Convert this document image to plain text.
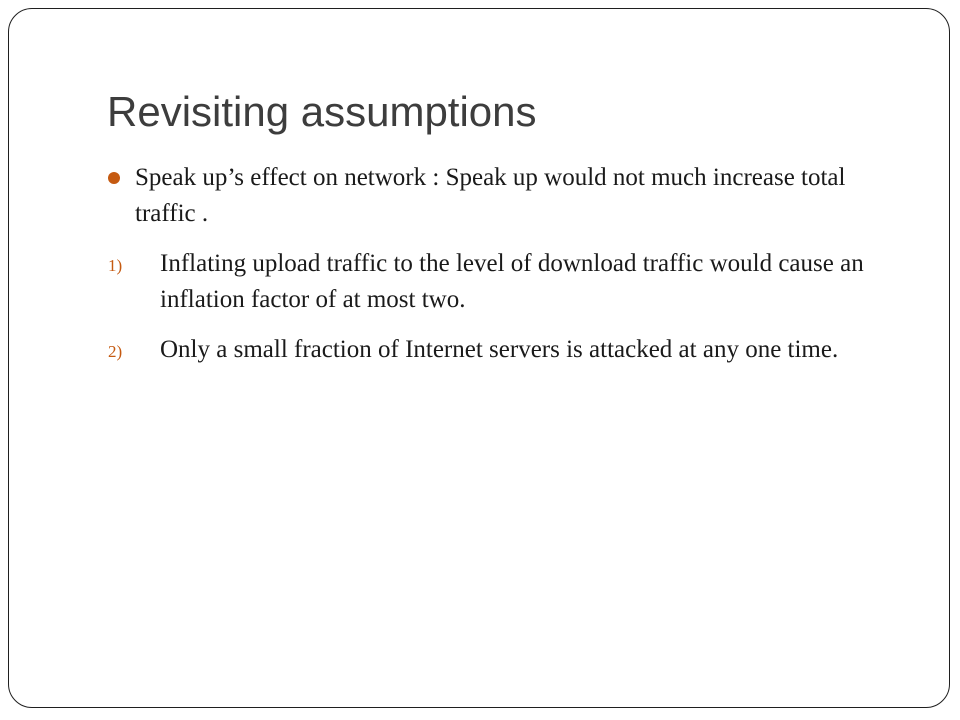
Revisiting assumptions
Speak up’s effect on network : Speak up would not much increase total traffic .
1) Inflating upload traffic to the level of download traffic would cause an inflation factor of at most two.
2) Only a small fraction of Internet servers is attacked at any one time.
